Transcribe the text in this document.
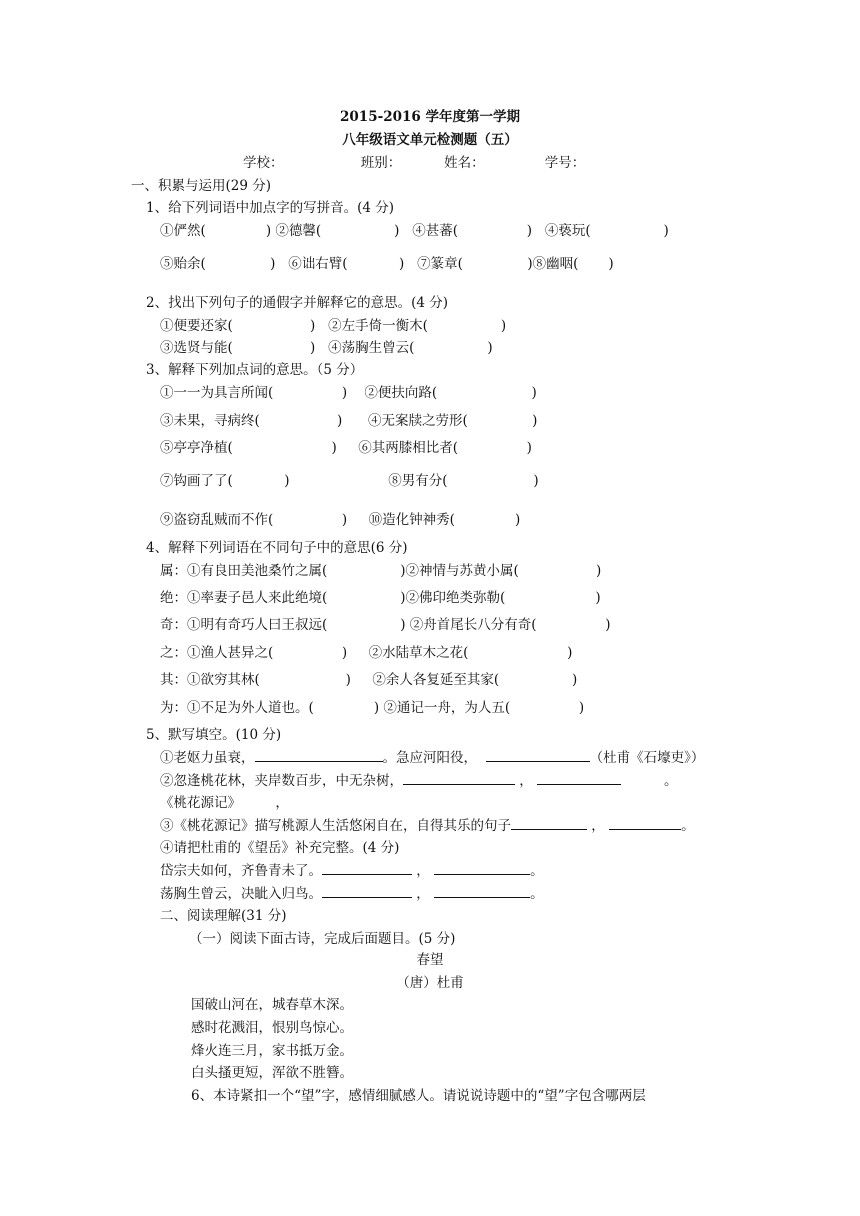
2015-2016 学年度第一学期
八年级语文单元检测题（五）
学校：                  班别：          姓名：              学号：
一、积累与运用(29 分)
1、给下列词语中加点字的写拼音。(4 分)
①俨然(              ) ②德馨(                 )   ④甚蕃(                )   ④亵玩(                 )
⑤贻余(               )   ⑥诎右臂(            )   ⑦篆章(               )⑧幽咽(       )
2、找出下列句子的通假字并解释它的意思。(4 分)
①便要还家(                  )   ②左手倚一衡木(                 )
③选贤与能(                  )   ④荡胸生曾云(                 )
3、解释下列加点词的意思。（5 分）
①一一为具言所闻(                )    ②便扶向路(                      )
③未果，寻病终(                  )      ④无案牍之劳形(               )
⑤亭亭净植(                       )     ⑥其两膝相比者(                )
⑦钩画了了(            )                       ⑧男有分(                    )
⑨盗窃乱贼而不作(                )     ⑩造化钟神秀(              )
4、解释下列词语在不同句子中的意思(6 分)
属：①有良田美池桑竹之属(                 )②神情与苏黄小属(                  )
绝：①率妻子邑人来此绝境(                 )②佛印绝类弥勒(                     )
奇：①明有奇巧人曰王叔远(                 ) ②舟首尾长八分有奇(                )
之：①渔人甚异之(                )     ②水陆草木之花(                       )
其：①欲穷其林(                    )     ②余人各复延至其家(                 )
为：①不足为外人道也。(              ) ②通记一舟，为人五(                )
5、默写填空。(10 分)
①老妪力虽衰，	。急应河阳役，	（杜甫《石壕吏》）
②忽逢桃花林，夹岸数百步，中无杂树，	，	。
《桃花源记》        ，
③《桃花源记》描写桃源人生活悠闲自在，自得其乐的句子	，	。
④请把杜甫的《望岳》补充完整。(4 分)
岱宗夫如何，齐鲁青未了。	，	。
荡胸生曾云，决眦入归鸟。	，	。
二、阅读理解(31 分)
（一）阅读下面古诗，完成后面题目。(5 分)
春望
（唐）杜甫
国破山河在，城春草木深。
感时花溅泪，恨别鸟惊心。
烽火连三月，家书抵万金。
白头搔更短，浑欲不胜簪。
6、本诗紧扣一个“望”字，感情细腻感人。请说说诗题中的“望”字包含哪两层
